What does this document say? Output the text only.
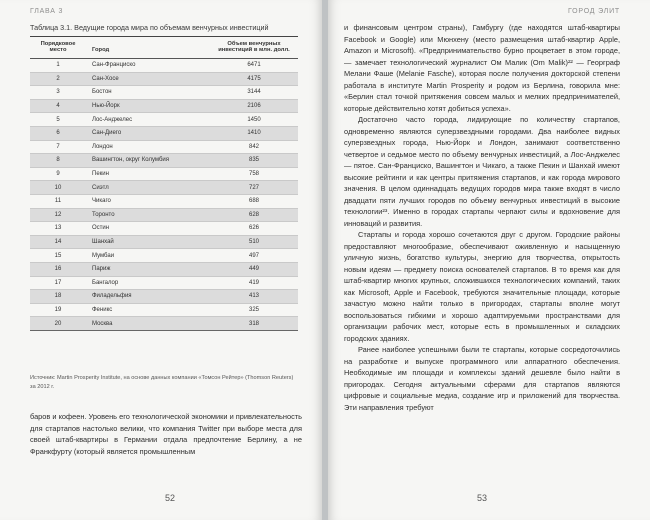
ГЛАВА 3
Таблица 3.1. Ведущие города мира по объемам венчурных инвестиций
Порядковое место	Город	Объем венчурных инвестиций в млн. долл.
1	Сан-Франциско	6471
2	Сан-Хосе	4175
3	Бостон	3144
4	Нью-Йорк	2106
5	Лос-Анджелес	1450
6	Сан-Диего	1410
7	Лондон	842
8	Вашингтон, округ Колумбия	835
9	Пекин	758
10	Сиэтл	727
11	Чикаго	688
12	Торонто	628
13	Остин	626
14	Шанхай	510
15	Мумбаи	497
16	Париж	449
17	Бангалор	419
18	Филадельфия	413
19	Феникс	325
20	Москва	318
Источник: Martin Prosperity Institute, на основе данных компании «Томсон Рейтер» (Thomson Reuters) за 2012 г.

баров и кофеен. Уровень его технологической экономики и привлекательность для стартапов настолько велики, что компания Twitter при выборе места для своей штаб-квартиры в Германии отдала предпочтение Берлину, а не Франкфурту (который является промышленным

52
ГОРОД ЭЛИТ

и финансовым центром страны), Гамбургу (где находятся штаб-квартиры Facebook и Google) или Мюнхену (место размещения штаб-квартир Apple, Amazon и Microsoft). «Предпринимательство бурно процветает в этом городе, — замечает технологический журналист Ом Малик (Om Malik)²² — Георграф Мелани Фаше (Melanie Fasche), которая после получения докторской степени работала в институте Martin Prosperity и родом из Берлина, говорила мне: «Берлин стал точкой притяжения совсем малых и мелких предпринимателей, которые действительно хотят добиться успеха».

Достаточно часто города, лидирующие по количеству стартапов, одновременно являются суперзвездными городами. Два наиболее видных суперзвездных города, Нью-Йорк и Лондон, занимают соответственно четвертое и седьмое место по объему венчурных инвестиций, а Лос-Анджелес — пятое. Сан-Франциско, Вашингтон и Чикаго, а также Пекин и Шанхай имеют высокие рейтинги и как центры притяжения стартапов, и как города мирового значения. В целом одиннадцать ведущих городов мира также входят в число двадцати пяти лучших городов по объему венчурных инвестиций в высокие технологии²³. Именно в городах стартапы черпают силы и вдохновение для инноваций и развития.

Стартапы и города хорошо сочетаются друг с другом. Городские районы предоставляют многообразие, обеспечивают оживленную и насыщенную уличную жизнь, богатство культуры, энергию для творчества, открытость новым идеям — предмету поиска основателей стартапов. В то время как для штаб-квартир многих крупных, сложившихся технологических компаний, таких как Microsoft, Apple и Facebook, требуются значительные площади, которые зачастую можно найти только в пригородах, стартапы вполне могут воспользоваться гибкими и хорошо адаптируемыми пространствами для организации рабочих мест, которые есть в промышленных и складских городских зданиях.

Ранее наиболее успешными были те стартапы, которые сосредоточились на разработке и выпуске программного или аппаратного обеспечения. Необходимые им площади и комплексы зданий дешевле было найти в пригородах. Сегодня актуальными сферами для стартапов являются цифровые и социальные медиа, создание игр и приложений для творчества. Эти направления требуют

53
